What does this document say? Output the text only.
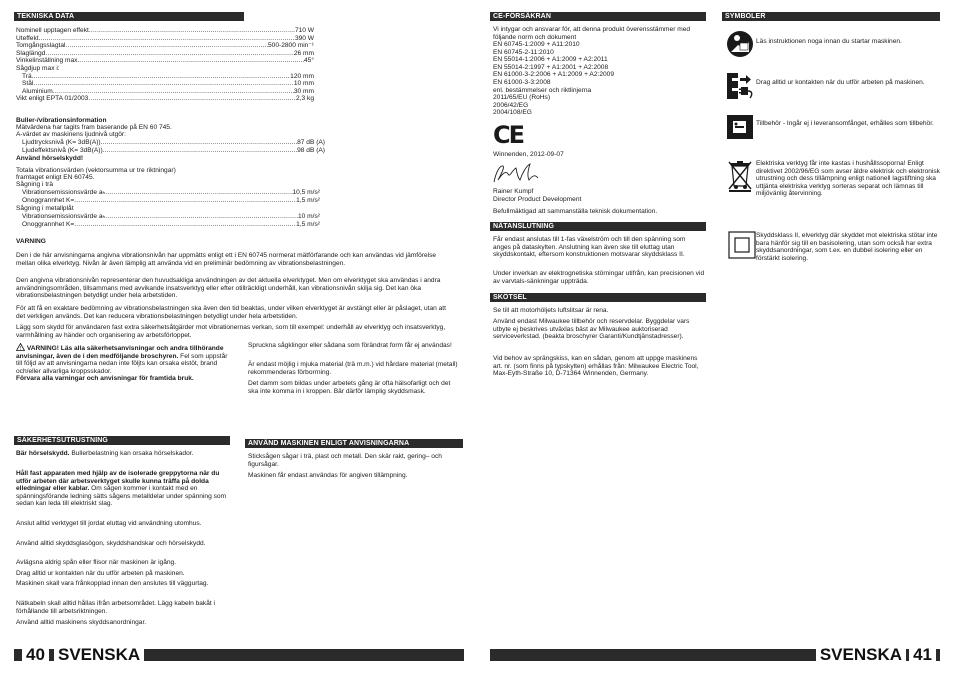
TEKNISKA DATA
Nominell upptagen effekt .....	710 W
Uteffekt .....	390 W
Tomgångsslagtal .....	500-2800 min⁻¹
Slaglängd .....	26 mm
Vinkelinställning max. .....	45°
Sågdjup max i:
Trä .....	120 mm
Stål .....	10 mm
Aluminium .....	30 mm
Vikt enligt EPTA 01/2003 .....	2,3 kg
Buller-/vibrationsinformation
Mätvärdena har tagits fram baserande på EN 60 745.
A-värdet av maskinens ljudnivå utgör:
Ljudtrycksnivå (K= 3dB(A)) .....	87 dB (A)
Ljudeffektsnivå (K= 3dB(A)) .....	98 dB (A)
Använd hörselskydd!
Totala vibrationsvärden (vektorsumma ur tre riktningar)
framtaget enligt EN 60745.
Sågning i trä
Vibrationsemissionsvärde aₕ .....	10,5 m/s²
Onoggrannhet K= .....	1,5 m/s²
Sågning i metallplåt
Vibrationsemissionsvärde aₕ .....	10 m/s²
Onoggrannhet K= .....	1,5 m/s²
VARNING
Den i de här anvisningarna angivna vibrationsnivån har uppmätts enligt ett i EN 60745 normerat mätförfarande och kan användas vid jämförelse mellan olika elverktyg. Nivån är även lämplig att använda vid en preliminär bedömning av vibrationsbelastningen.
Den angivna vibrationsnivån representerar den huvudsakliga användningen av det aktuella elverktyget. Men om elverktyget ska användas i andra användningsområden, tillsammans med avvikande insatsverktyg eller efter otillräckligt underhåll, kan vibrationsnivån skilja sig. Det kan öka vibrationsbelastningen betydligt under hela arbetstiden.
För att få en exaktare bedömning av vibrationsbelastningen ska även den tid beaktas, under vilken elverktyget är avstängt eller är påslaget, utan att det verkligen används. Det kan reducera vibrationsbelastningen betydligt under hela arbetstiden.
Lägg som skydd för användaren fast extra säkerhetsåtgärder mot vibrationernas verkan, som till exempel: underhåll av elverktyg och insatsverktyg, varmhållning av händer och organisering av arbetsförloppet.
! VARNING! Läs alla säkerhetsanvisningar och andra tillhörande anvisningar, även de i den medföljande broschyren. Fel som uppstår till följd av att anvisningarna nedan inte följts kan orsaka elstöt, brand och/eller allvarliga kroppsskador.
Förvara alla varningar och anvisningar för framtida bruk.
SÄKERHETSUTRUSTNING
Bär hörselskydd. Bullerbelastning kan orsaka hörselskador.
Håll fast apparaten med hjälp av de isolerade greppytorna när du utför arbeten där arbetsverktyget skulle kunna träffa på dolda elledningar eller kablar. Om sågen kommer i kontakt med en spänningsförande ledning sätts sågens metalldelar under spänning som sedan kan leda till elektriskt slag.
Anslut alltid verktyget till jordat eluttag vid användning utomhus.
Använd alltid skyddsglasögon, skyddshandskar och hörselskydd.
Avlägsna aldrig spån eller flisor när maskinen är igång.
Drag alltid ur kontakten när du utför arbeten på maskinen.
Maskinen skall vara frånkopplad innan den anslutes till väggurtag.
Nätkabeln skall alltid hållas ifrån arbetsområdet. Lägg kabeln bakåt i förhållande till arbetsriktningen.
Använd alltid maskinens skyddsanordningar.
Spruckna sågklingor eller sådana som förändrat form får ej användas!
Är endast möjlig i mjuka material (trä m.m.) vid hårdare material (metall) rekommenderas förborrning.
Det damm som bildas under arbetets gång är ofta hälsofarligt och det ska inte komma in i kroppen. Bär därför lämplig skyddsmask.
ANVÄND MASKINEN ENLIGT ANVISNINGARNA
Sticksågen sågar i trä, plast och metall. Den skär rakt, gering– och figursågar.
Maskinen får endast användas för angiven tillämpning.
40 SVENSKA
CE-FÖRSÄKRAN
Vi intygar och ansvarar för, att denna produkt överensstämmer med följande norm och dokument
EN 60745-1:2009 + A11:2010
EN 60745-2-11:2010
EN 55014-1:2006 + A1:2009 + A2:2011
EN 55014-2:1997 + A1:2001 + A2:2008
EN 61000-3-2:2006 + A1:2009 + A2:2009
EN 61000-3-3:2008
enl. bestämmelser och riktlinjerna
2011/65/EU (RoHs)
2006/42/EG
2004/108/EG
CE
Winnenden, 2012-09-07
Rainer Kumpf
Director Product Development
Befullmäktigad att sammanställa teknisk dokumentation.
NÄTANSLUTNING
Får endast anslutas till 1-fas växelström och till den spänning som anges på dataskylten. Anslutning kan även ske till eluttag utan skyddskontakt, eftersom konstruktionen motsvarar skyddsklass II.
Under inverkan av elektrognetiska störningar utifrån, kan precisionen vid av varvtals-sänkningar uppträda.
SKÖTSEL
Se till att motorhöljets luftslitsar är rena.
Använd endast Milwaukee tillbehör och reservdelar. Byggdelar vars utbyte ej beskrives utväxlas bäst av Milwaukee auktoriserad serviceverkstad. (beakta broschyrer Garanti/Kundtjänstadresser).
Vid behov av sprängskiss, kan en sådan, genom att uppge maskinens art. nr. (som finns på typskylten) erhållas från: Milwaukee Electric Tool, Max-Eyth-Straße 10, D-71364 Winnenden, Germany.
SYMBOLER
Läs instruktionen noga innan du startar maskinen.
Drag alltid ur kontakten när du utför arbeten på maskinen.
Tillbehör - Ingår ej i leveransomfånget, erhålles som tillbehör.
Elektriska verktyg får inte kastas i hushållssoporna! Enligt direktivet 2002/96/EG som avser äldre elektrisk och elektronisk utrustning och dess tillämpning enligt nationell lagstiftning ska uttjänta elektriska verktyg sorteras separat och lämnas till miljövänlig återvinning.
Skyddsklass II, elverktyg där skyddet mot elektriska stötar inte bara hänför sig till en basisolering, utan som också har extra skyddsanordningar, som t.ex. en dubbel isolering eller en förstärkt isolering.
SVENSKA 41
